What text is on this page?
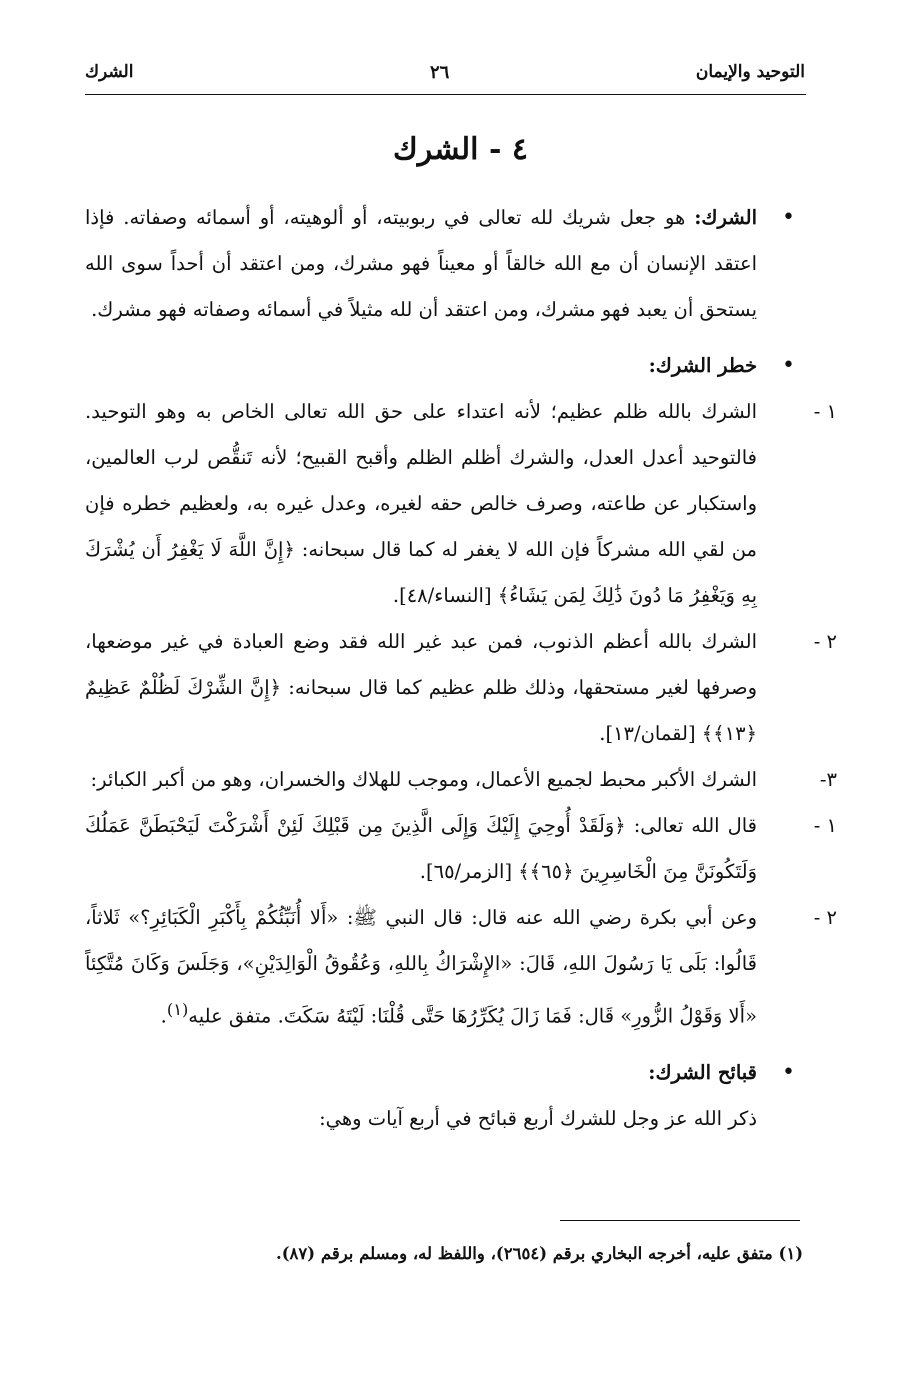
التوحيد والإيمان
٢٦
الشرك
٤ - الشرك

•
الشرك: هو جعل شريك لله تعالى في ربوبيته، أو ألوهيته، أو أسمائه وصفاته. فإذا اعتقد الإنسان أن مع الله خالقاً أو معيناً فهو مشرك، ومن اعتقد أن أحداً سوى الله يستحق أن يعبد فهو مشرك، ومن اعتقد أن لله مثيلاً في أسمائه وصفاته فهو مشرك.

•
خطر الشرك:

١ -
الشرك بالله ظلم عظيم؛ لأنه اعتداء على حق الله تعالى الخاص به وهو التوحيد. فالتوحيد أعدل العدل، والشرك أظلم الظلم وأقبح القبيح؛ لأنه تَنقُّص لرب العالمين، واستكبار عن طاعته، وصرف خالص حقه لغيره، وعدل غيره به، ولعظيم خطره فإن من لقي الله مشركاً فإن الله لا يغفر له كما قال سبحانه: ﴿إِنَّ اللَّهَ لَا يَغْفِرُ أَن يُشْرَكَ بِهِ وَيَغْفِرُ مَا دُونَ ذَٰلِكَ لِمَن يَشَاءُ﴾ [النساء/٤٨].

٢ -
الشرك بالله أعظم الذنوب، فمن عبد غير الله فقد وضع العبادة في غير موضعها، وصرفها لغير مستحقها، وذلك ظلم عظيم كما قال سبحانه: ﴿إِنَّ الشِّرْكَ لَظُلْمٌ عَظِيمٌ ﴿١٣﴾﴾ [لقمان/١٣].

٣-
الشرك الأكبر محبط لجميع الأعمال، وموجب للهلاك والخسران، وهو من أكبر الكبائر:

١ -
قال الله تعالى: ﴿وَلَقَدْ أُوحِيَ إِلَيْكَ وَإِلَى الَّذِينَ مِن قَبْلِكَ لَئِنْ أَشْرَكْتَ لَيَحْبَطَنَّ عَمَلُكَ وَلَتَكُونَنَّ مِنَ الْخَاسِرِينَ ﴿٦٥﴾﴾ [الزمر/٦٥].

٢ -
وعن أبي بكرة رضي الله عنه قال: قال النبي ﷺ: «أَلا أُنَبِّئُكُمْ بِأَكْبَرِ الْكَبَائِرِ؟» ثَلاثاً، قَالُوا: بَلَى يَا رَسُولَ اللهِ، قَالَ: «الإِشْرَاكُ بِاللهِ، وَعُقُوقُ الْوَالِدَيْنِ»، وَجَلَسَ وَكَانَ مُتَّكِئاً «أَلا وَقَوْلُ الزُّورِ» قَال: فَمَا زَالَ يُكَرِّرُهَا حَتَّى قُلْنَا: لَيْتَهُ سَكَتَ. متفق عليه$^{(١)}$.

•
قبائح الشرك:

ذكر الله عز وجل للشرك أربع قبائح في أربع آيات وهي:

(١) متفق عليه، أخرجه البخاري برقم (٢٦٥٤)، واللفظ له، ومسلم برقم (٨٧).
